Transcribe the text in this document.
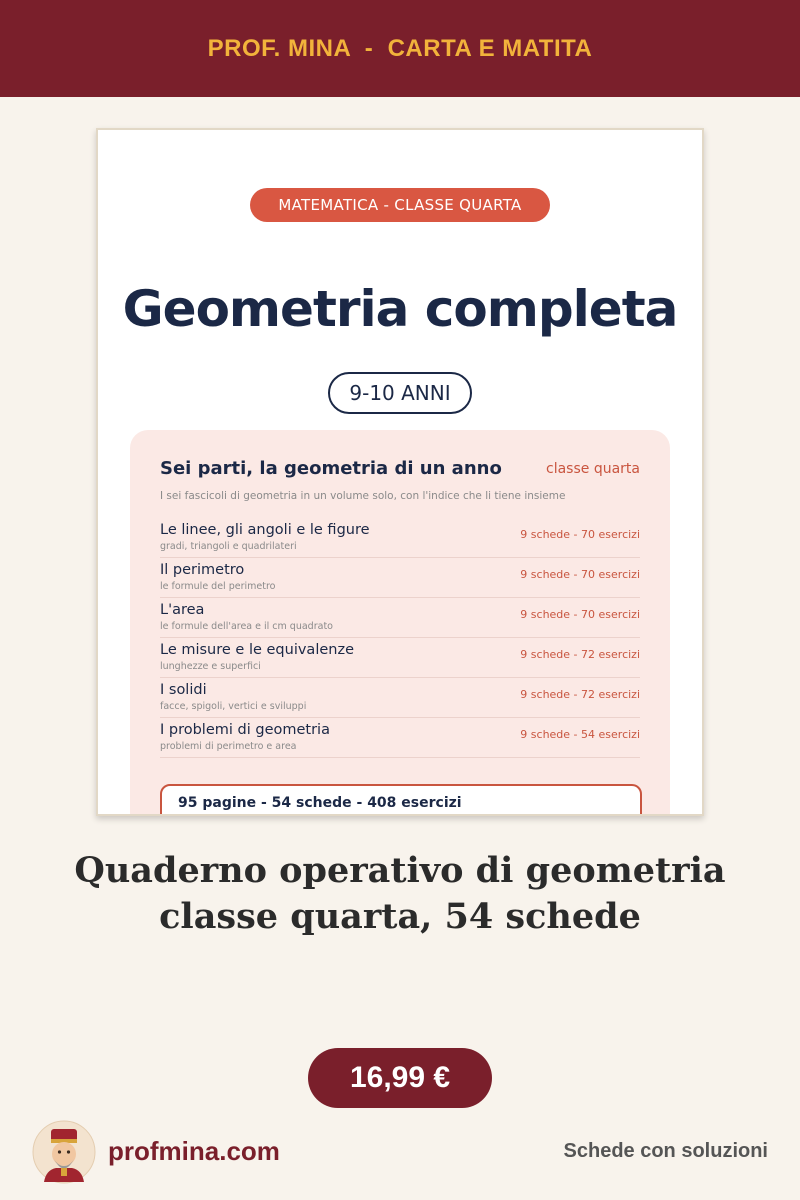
PROF. MINA  -  CARTA E MATITA
MATEMATICA - CLASSE QUARTA
Geometria completa
9-10 ANNI
Sei parti, la geometria di un anno	classe quarta
I sei fascicoli di geometria in un volume solo, con l'indice che li tiene insieme
Le linee, gli angoli e le figure
gradi, triangoli e quadrilateri
9 schede - 70 esercizi
Il perimetro
le formule del perimetro
9 schede - 70 esercizi
L'area
le formule dell'area e il cm quadrato
9 schede - 70 esercizi
Le misure e le equivalenze
lunghezze e superfici
9 schede - 72 esercizi
I solidi
facce, spigoli, vertici e sviluppi
9 schede - 72 esercizi
I problemi di geometria
problemi di perimetro e area
9 schede - 54 esercizi
95 pagine - 54 schede - 408 esercizi
Quaderno operativo di geometria
classe quarta, 54 schede
16,99 €
profmina.com	Schede con soluzioni
